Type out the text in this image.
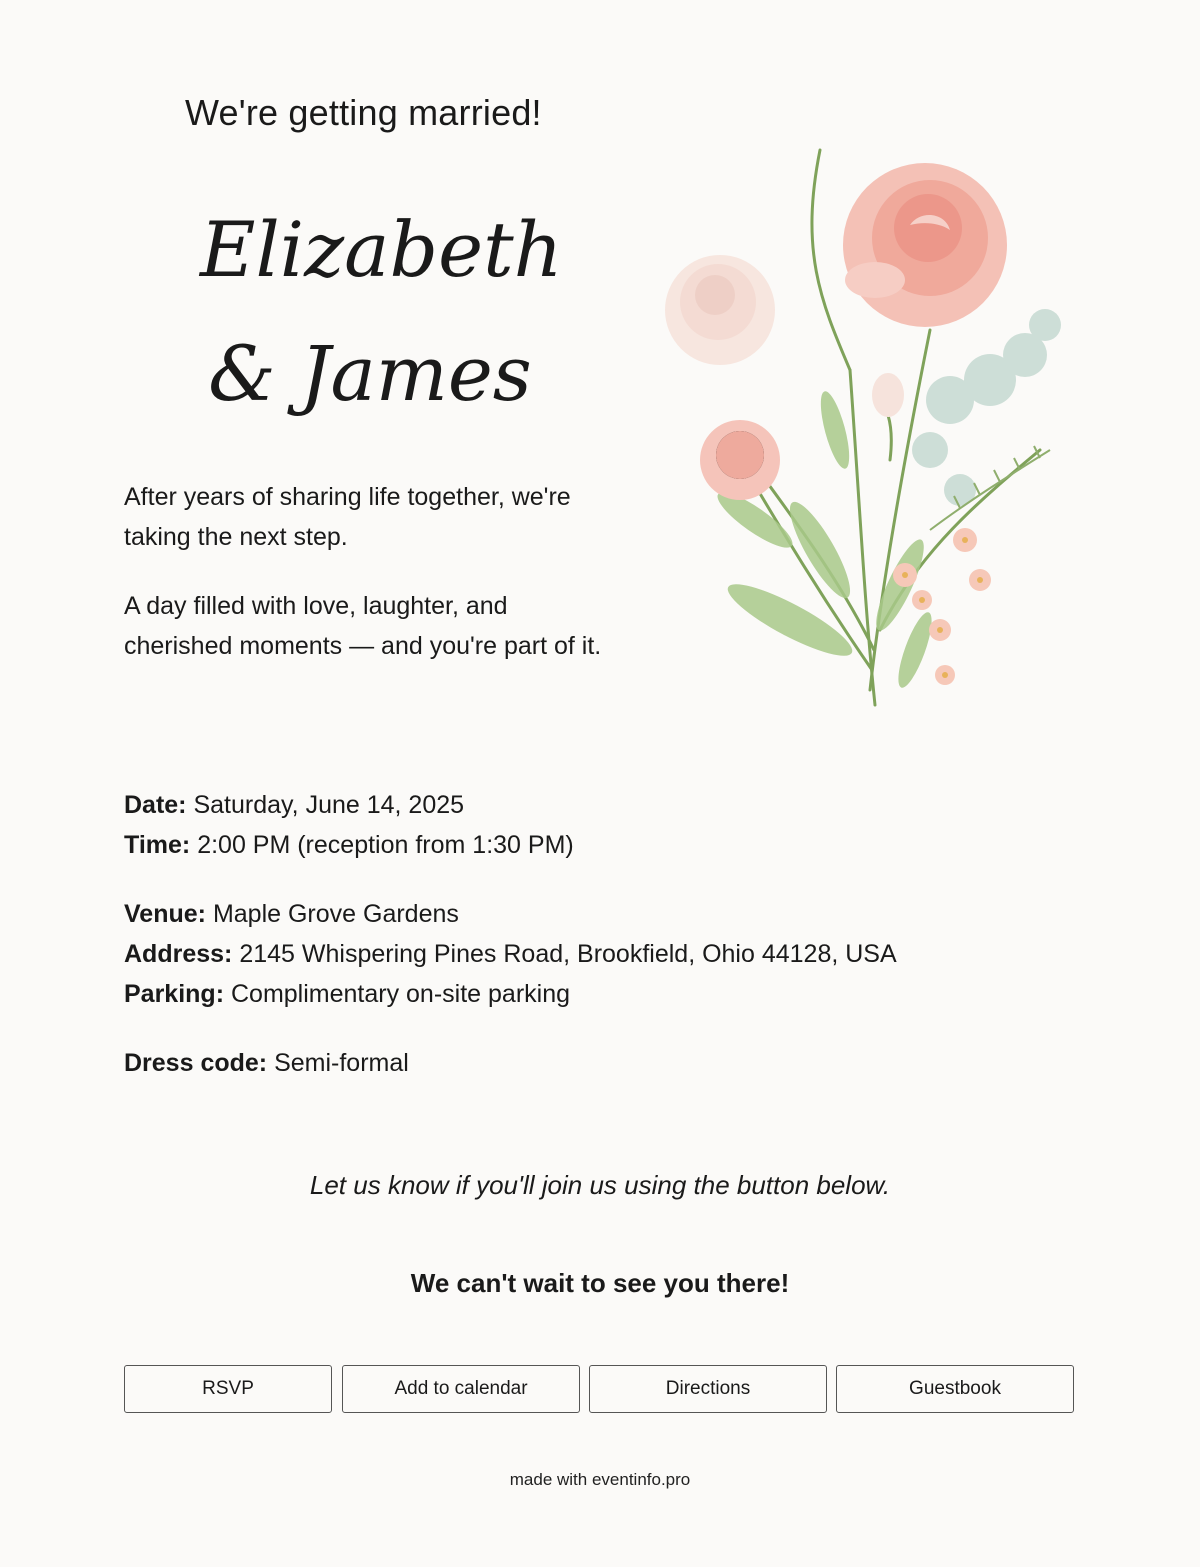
We're getting married!
Elizabeth
& James

After years of sharing life together, we're taking the next step.

A day filled with love, laughter, and cherished moments — and you're part of it.

Date: Saturday, June 14, 2025
Time: 2:00 PM (reception from 1:30 PM)
Venue: Maple Grove Gardens
Address: 2145 Whispering Pines Road, Brookfield, Ohio 44128, USA
Parking: Complimentary on-site parking
Dress code: Semi-formal
Let us know if you'll join us using the button below.
We can't wait to see you there!
RSVP	Add to calendar	Directions	Guestbook
made with eventinfo.pro
